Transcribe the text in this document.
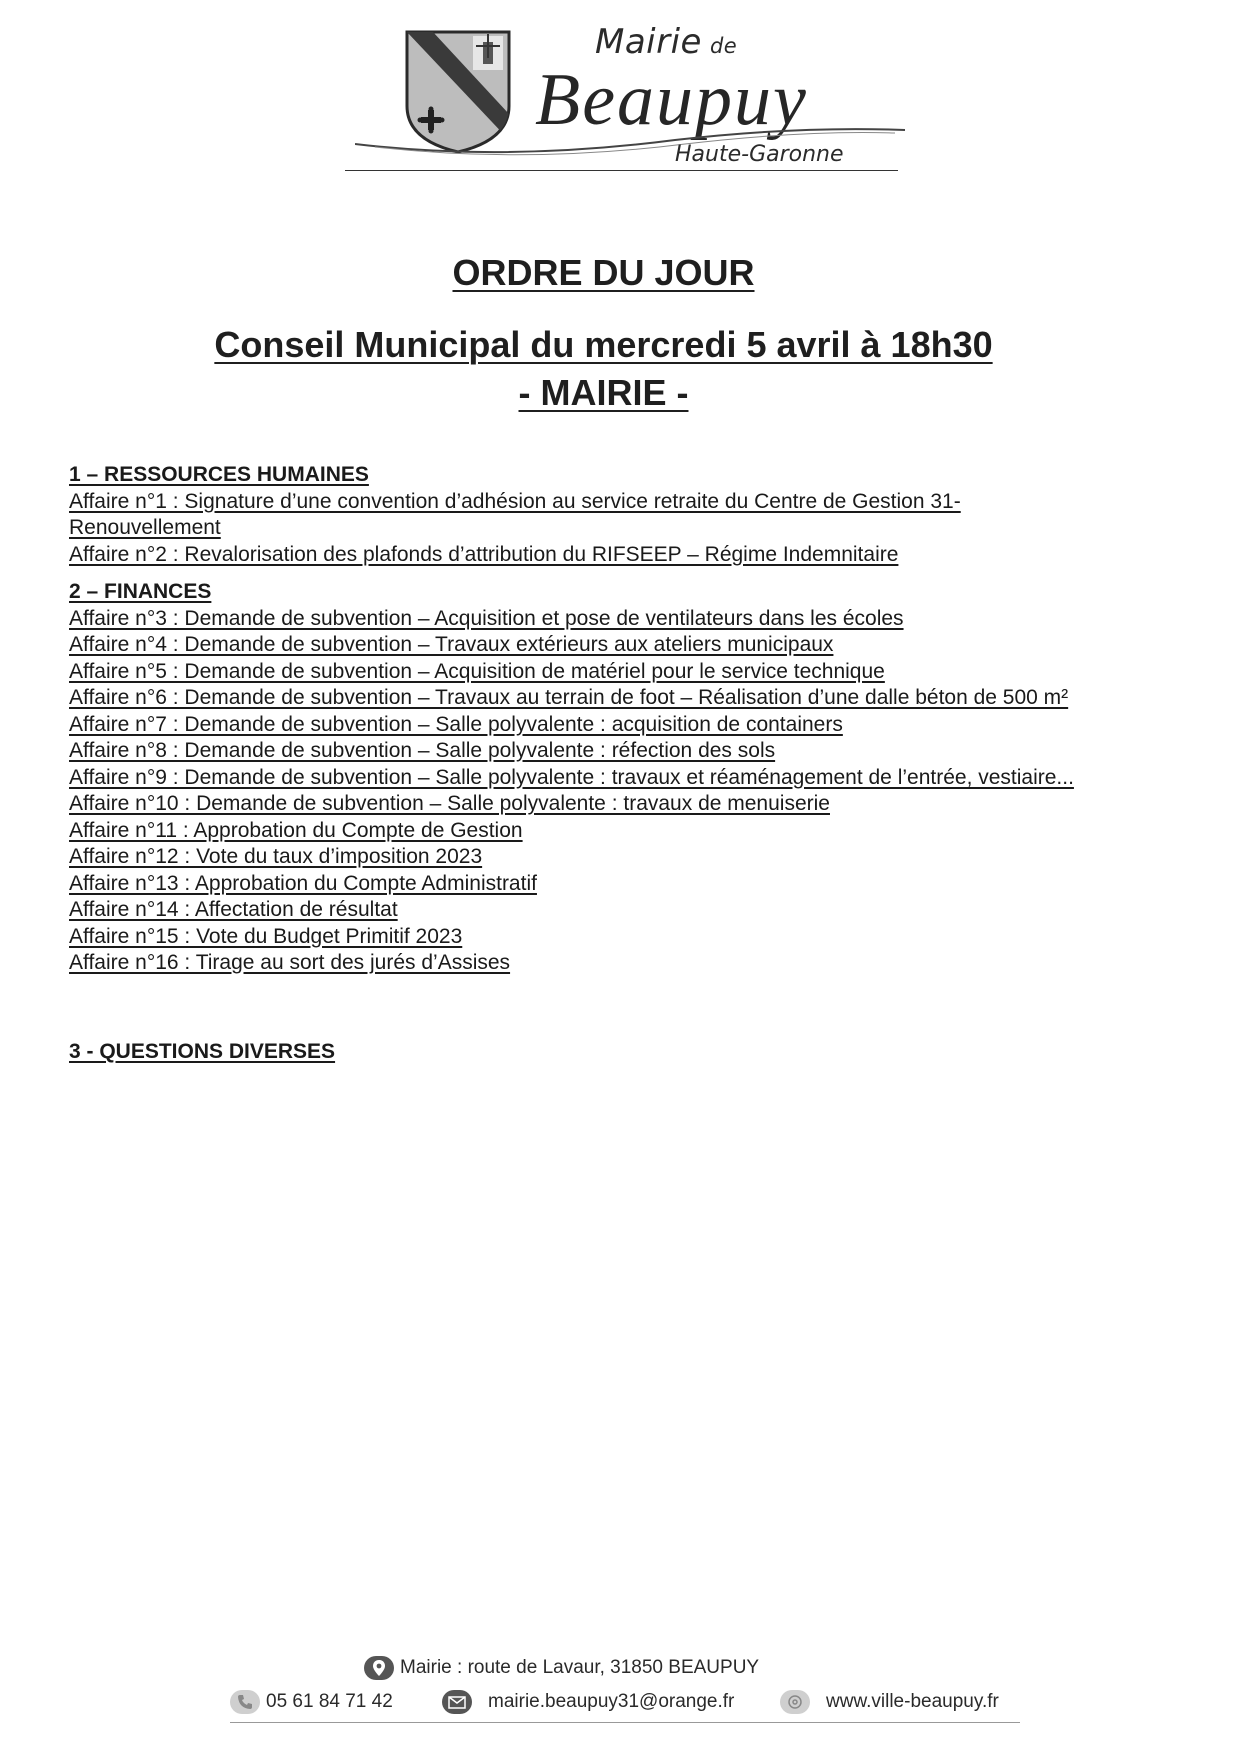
Mairie de
Beaupuy
Haute-Garonne
ORDRE DU JOUR
Conseil Municipal du mercredi 5 avril à 18h30
- MAIRIE -
1 – RESSOURCES HUMAINES
Affaire n°1 : Signature d’une convention d’adhésion au service retraite du Centre de Gestion 31-Renouvellement
Affaire n°2 : Revalorisation des plafonds d’attribution du RIFSEEP – Régime Indemnitaire
2 – FINANCES
Affaire n°3 : Demande de subvention – Acquisition et pose de ventilateurs dans les écoles
Affaire n°4 : Demande de subvention – Travaux extérieurs aux ateliers municipaux
Affaire n°5 : Demande de subvention – Acquisition de matériel pour le service technique
Affaire n°6 : Demande de subvention – Travaux au terrain de foot – Réalisation d’une dalle béton de 500 m²
Affaire n°7 : Demande de subvention – Salle polyvalente : acquisition de containers
Affaire n°8 : Demande de subvention – Salle polyvalente : réfection des sols
Affaire n°9 : Demande de subvention – Salle polyvalente : travaux et réaménagement de l’entrée, vestiaire...
Affaire n°10 : Demande de subvention – Salle polyvalente : travaux de menuiserie
Affaire n°11 : Approbation du Compte de Gestion
Affaire n°12 : Vote du taux d’imposition 2023
Affaire n°13 : Approbation du Compte Administratif
Affaire n°14 : Affectation de résultat
Affaire n°15 : Vote du Budget Primitif 2023
Affaire n°16 : Tirage au sort des jurés d’Assises
3 - QUESTIONS DIVERSES
Mairie : route de Lavaur, 31850 BEAUPUY
05 61 84 71 42	mairie.beaupuy31@orange.fr	www.ville-beaupuy.fr
